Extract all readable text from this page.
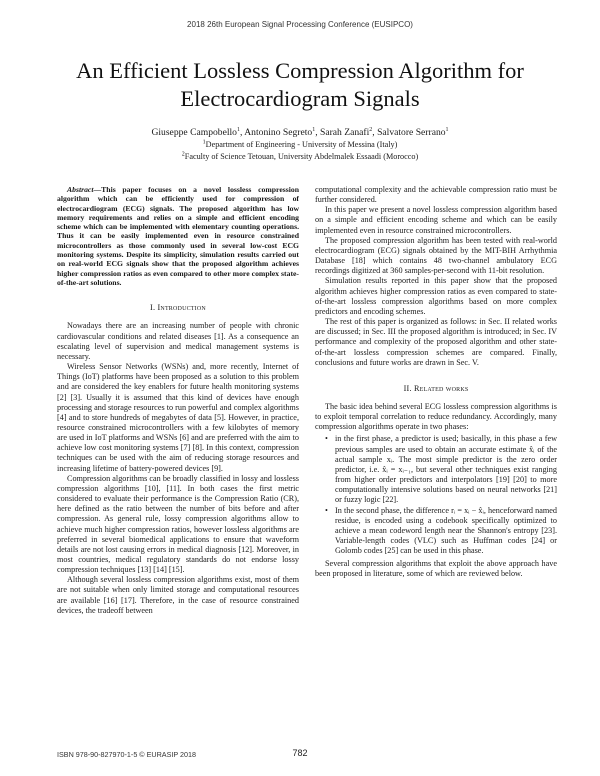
2018 26th European Signal Processing Conference (EUSIPCO)
An Efficient Lossless Compression Algorithm for Electrocardiogram Signals
Giuseppe Campobello$^1$, Antonino Segreto$^1$, Sarah Zanafi$^2$, Salvatore Serrano$^1$
$^1$Department of Engineering - University of Messina (Italy)
$^2$Faculty of Science Tetouan, University Abdelmalek Essaadi (Morocco)

Abstract—This paper focuses on a novel lossless compression algorithm which can be efficiently used for compression of electrocardiogram (ECG) signals. The proposed algorithm has low memory requirements and relies on a simple and efficient encoding scheme which can be implemented with elementary counting operations. Thus it can be easily implemented even in resource constrained microcontrollers as those commonly used in several low-cost ECG monitoring systems. Despite its simplicity, simulation results carried out on real-world ECG signals show that the proposed algorithm achieves higher compression ratios as even compared to other more complex state-of-the-art solutions.

I. Introduction

Nowadays there are an increasing number of people with chronic cardiovascular conditions and related diseases [1]. As a consequence an escalating level of supervision and medical management systems is necessary.

Wireless Sensor Networks (WSNs) and, more recently, Internet of Things (IoT) platforms have been proposed as a solution to this problem and are considered the key enablers for future health monitoring systems [2] [3]. Usually it is assumed that this kind of devices have enough processing and storage resources to run powerful and complex algorithms [4] and to store hundreds of megabytes of data [5]. However, in practice, resource constrained microcontrollers with a few kilobytes of memory are used in IoT platforms and WSNs [6] and are preferred with the aim to achieve low cost monitoring systems [7] [8]. In this context, compression techniques can be used with the aim of reducing storage resources and increasing lifetime of battery-powered devices [9].

Compression algorithms can be broadly classified in lossy and lossless compression algorithms [10], [11]. In both cases the first metric considered to evaluate their performance is the Compression Ratio (CR), here defined as the ratio between the number of bits before and after compression. As general rule, lossy compression algorithms allow to achieve much higher compression ratios, however lossless algorithms are preferred in several biomedical applications to ensure that waveform details are not lost causing errors in medical diagnosis [12]. Moreover, in most countries, medical regulatory standards do not endorse lossy compression techniques [13] [14] [15].

Although several lossless compression algorithms exist, most of them are not suitable when only limited storage and computational resources are available [16] [17]. Therefore, in the case of resource constrained devices, the tradeoff between

computational complexity and the achievable compression ratio must be further considered.

In this paper we present a novel lossless compression algorithm based on a simple and efficient encoding scheme and which can be easily implemented even in resource constrained microcontrollers.

The proposed compression algorithm has been tested with real-world electrocardiogram (ECG) signals obtained by the MIT-BIH Arrhythmia Database [18] which contains 48 two-channel ambulatory ECG recordings digitized at 360 samples-per-second with 11-bit resolution.

Simulation results reported in this paper show that the proposed algorithm achieves higher compression ratios as even compared to state-of-the-art lossless compression algorithms based on more complex predictors and encoding schemes.

The rest of this paper is organized as follows: in Sec. II related works are discussed; in Sec. III the proposed algorithm is introduced; in Sec. IV performance and complexity of the proposed algorithm and other state-of-the-art lossless compression schemes are compared. Finally, conclusions and future works are drawn in Sec. V.

II. Related works

The basic idea behind several ECG lossless compression algorithms is to exploit temporal correlation to reduce redundancy. Accordingly, many compression algorithms operate in two phases:

• in the first phase, a predictor is used; basically, in this phase a few previous samples are used to obtain an accurate estimate x̂ᵢ of the actual sample xᵢ. The most simple predictor is the zero order predictor, i.e. x̂ᵢ = xᵢ₋₁, but several other techniques exist ranging from higher order predictors and interpolators [19] [20] to more computationally intensive solutions based on neural networks [21] or fuzzy logic [22].
• In the second phase, the difference rᵢ = xᵢ − x̂ᵢ, henceforward named residue, is encoded using a codebook specifically optimized to achieve a mean codeword length near the Shannon's entropy [23]. Variable-length codes (VLC) such as Huffman codes [24] or Golomb codes [25] can be used in this phase.

Several compression algorithms that exploit the above approach have been proposed in literature, some of which are reviewed below.

ISBN 978-90-827970-1-5 © EURASIP 2018	782
